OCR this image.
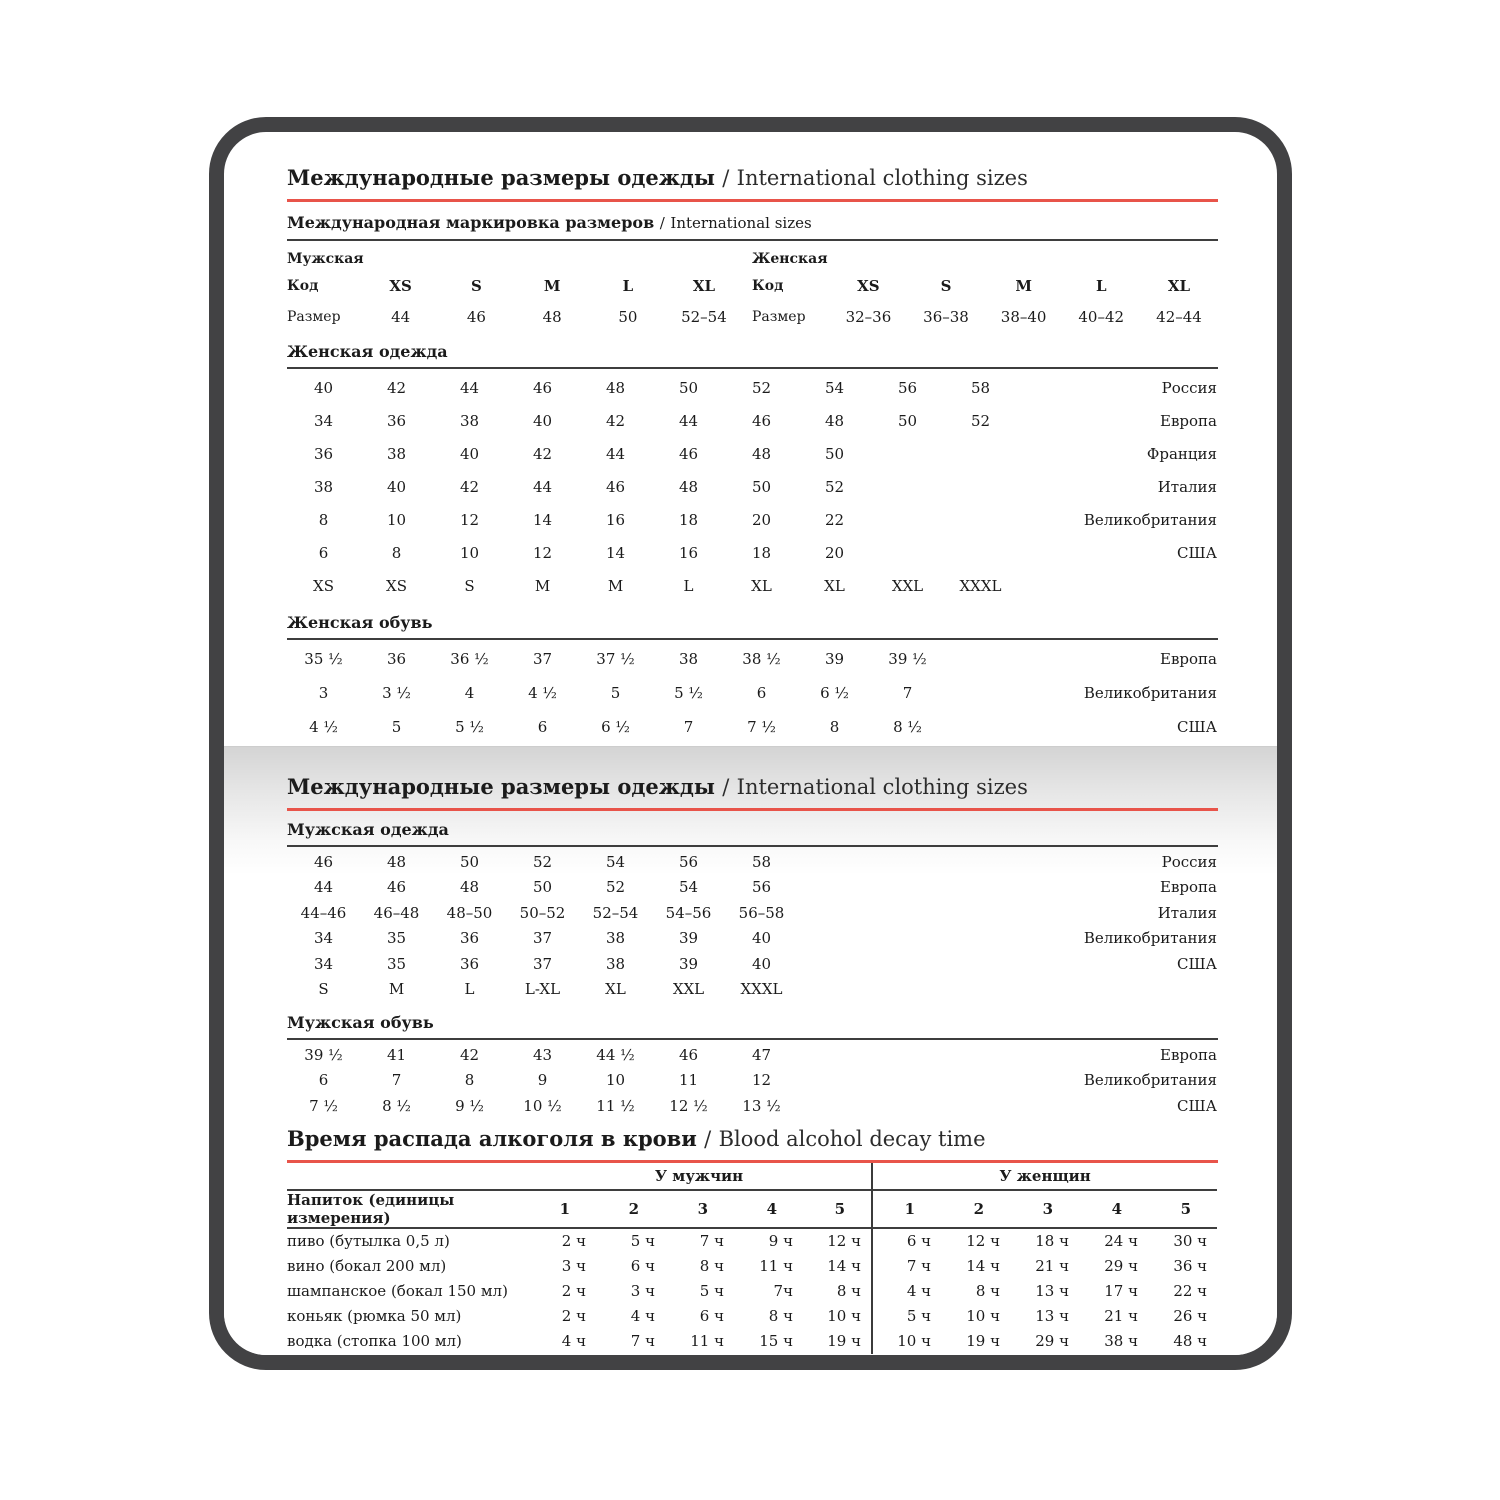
Международные размеры одежды / International clothing sizes
Международная маркировка размеров / International sizes
Мужская					
Код	XS	S	M	L	XL
Размер	44	46	48	50	52–54
Женская					
Код	XS	S	M	L	XL
Размер	32–36	36–38	38–40	40–42	42–44
Женская одежда
40	42	44	46	48	50	52	54	56	58	Россия
34	36	38	40	42	44	46	48	50	52	Европа
36	38	40	42	44	46	48	50			Франция
38	40	42	44	46	48	50	52			Италия
8	10	12	14	16	18	20	22			Великобритания
6	8	10	12	14	16	18	20			США
XS	XS	S	M	M	L	XL	XL	XXL	XXXL	
Женская обувь
35 ½	36	36 ½	37	37 ½	38	38 ½	39	39 ½	Европа
3	3 ½	4	4 ½	5	5 ½	6	6 ½	7	Великобритания
4 ½	5	5 ½	6	6 ½	7	7 ½	8	8 ½	США
Международные размеры одежды / International clothing sizes
Мужская одежда
46	48	50	52	54	56	58	Россия
44	46	48	50	52	54	56	Европа
44–46	46–48	48–50	50–52	52–54	54–56	56–58	Италия
34	35	36	37	38	39	40	Великобритания
34	35	36	37	38	39	40	США
S	M	L	L-XL	XL	XXL	XXXL	
Мужская обувь
39 ½	41	42	43	44 ½	46	47	Европа
6	7	8	9	10	11	12	Великобритания
7 ½	8 ½	9 ½	10 ½	11 ½	12 ½	13 ½	США
Время распада алкоголя в крови / Blood alcohol decay time
	У мужчин					У женщин				
Напиток (единицы измерения)	1	2	3	4	5	1	2	3	4	5
пиво (бутылка 0,5 л)	2 ч	5 ч	7 ч	9 ч	12 ч	6 ч	12 ч	18 ч	24 ч	30 ч
вино (бокал 200 мл)	3 ч	6 ч	8 ч	11 ч	14 ч	7 ч	14 ч	21 ч	29 ч	36 ч
шампанское (бокал 150 мл)	2 ч	3 ч	5 ч	7ч	8 ч	4 ч	8 ч	13 ч	17 ч	22 ч
коньяк (рюмка 50 мл)	2 ч	4 ч	6 ч	8 ч	10 ч	5 ч	10 ч	13 ч	21 ч	26 ч
водка (стопка 100 мл)	4 ч	7 ч	11 ч	15 ч	19 ч	10 ч	19 ч	29 ч	38 ч	48 ч
